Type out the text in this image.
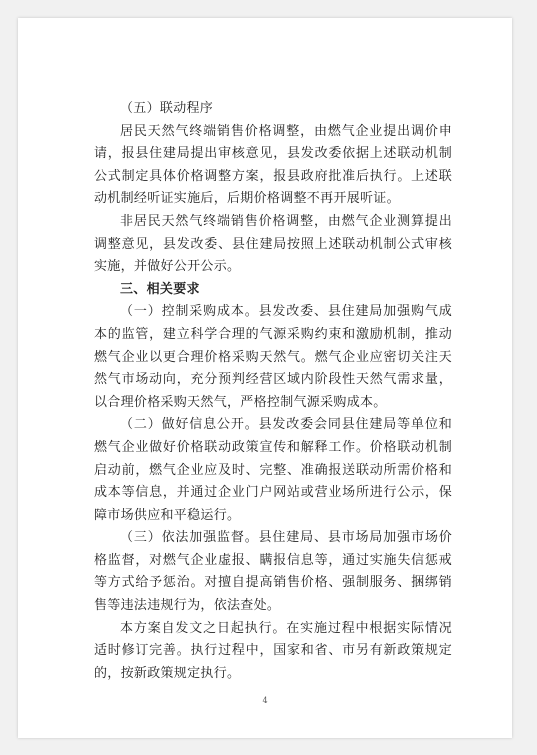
（五）联动程序

居民天然气终端销售价格调整，由燃气企业提出调价申请，报县住建局提出审核意见，县发改委依据上述联动机制公式制定具体价格调整方案，报县政府批准后执行。上述联动机制经听证实施后，后期价格调整不再开展听证。

非居民天然气终端销售价格调整，由燃气企业测算提出调整意见，县发改委、县住建局按照上述联动机制公式审核实施，并做好公开公示。

三、相关要求

（一）控制采购成本。县发改委、县住建局加强购气成本的监管，建立科学合理的气源采购约束和激励机制，推动燃气企业以更合理价格采购天然气。燃气企业应密切关注天然气市场动向，充分预判经营区域内阶段性天然气需求量，以合理价格采购天然气，严格控制气源采购成本。

（二）做好信息公开。县发改委会同县住建局等单位和燃气企业做好价格联动政策宣传和解释工作。价格联动机制启动前，燃气企业应及时、完整、准确报送联动所需价格和成本等信息，并通过企业门户网站或营业场所进行公示，保障市场供应和平稳运行。

（三）依法加强监督。县住建局、县市场局加强市场价格监督，对燃气企业虚报、瞒报信息等，通过实施失信惩戒等方式给予惩治。对擅自提高销售价格、强制服务、捆绑销售等违法违规行为，依法查处。

本方案自发文之日起执行。在实施过程中根据实际情况适时修订完善。执行过程中，国家和省、市另有新政策规定的，按新政策规定执行。

4
